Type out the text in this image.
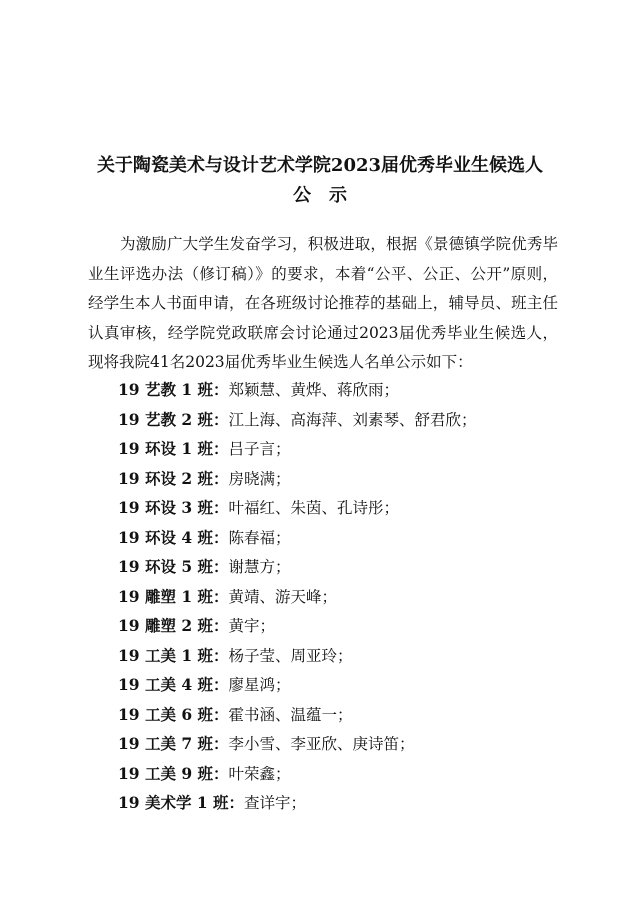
关于陶瓷美术与设计艺术学院2023届优秀毕业生候选人
公示

为激励广大学生发奋学习，积极进取，根据《景德镇学院优秀毕业生评选办法（修订稿）》的要求，本着“公平、公正、公开”原则，经学生本人书面申请，在各班级讨论推荐的基础上，辅导员、班主任认真审核，经学院党政联席会讨论通过2023届优秀毕业生候选人，现将我院41名2023届优秀毕业生候选人名单公示如下：

19 艺教 1 班：郑颖慧、黄烨、蒋欣雨；
19 艺教 2 班：江上海、高海萍、刘素琴、舒君欣；
19 环设 1 班：吕子言；
19 环设 2 班：房晓满；
19 环设 3 班：叶福红、朱茵、孔诗彤；
19 环设 4 班：陈春福；
19 环设 5 班：谢慧方；
19 雕塑 1 班：黄靖、游天峰；
19 雕塑 2 班：黄宇；
19 工美 1 班：杨子莹、周亚玲；
19 工美 4 班：廖星鸿；
19 工美 6 班：霍书涵、温蕴一；
19 工美 7 班：李小雪、李亚欣、庚诗笛；
19 工美 9 班：叶荣鑫；
19 美术学 1 班：查详宇；
